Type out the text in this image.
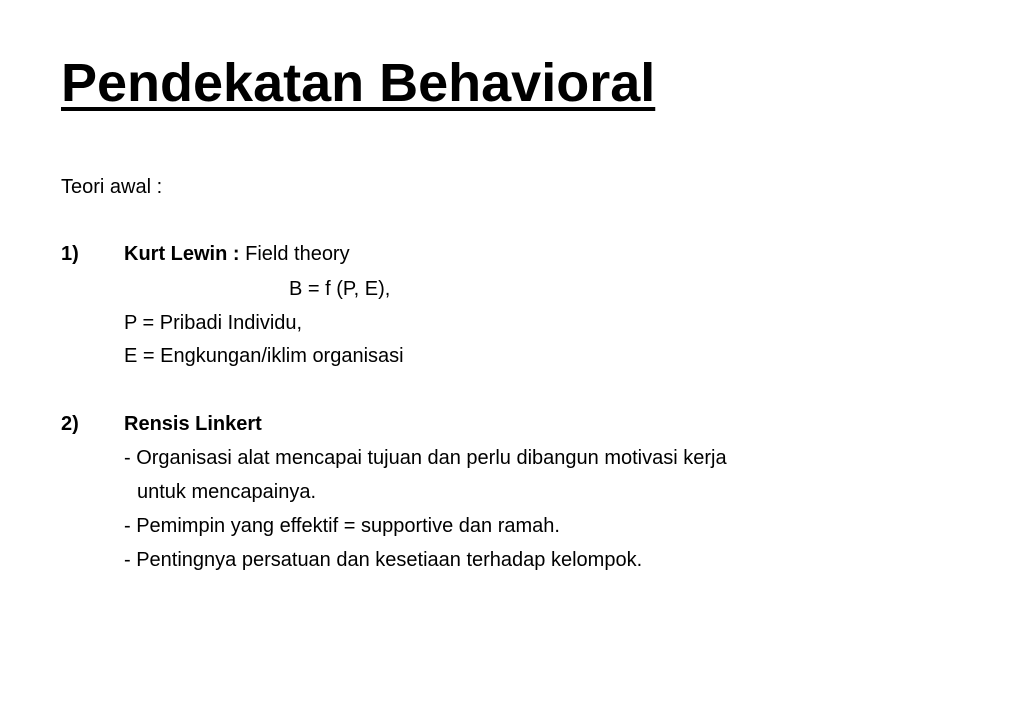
Pendekatan Behavioral
Teori awal :
1) Kurt Lewin : Field theory
B = f (P, E),
P = Pribadi Individu,
E = Engkungan/iklim organisasi
2) Rensis Linkert
- Organisasi alat mencapai tujuan dan perlu dibangun motivasi kerja
untuk mencapainya.
- Pemimpin yang effektif = supportive dan ramah.
- Pentingnya persatuan dan kesetiaan terhadap kelompok.
